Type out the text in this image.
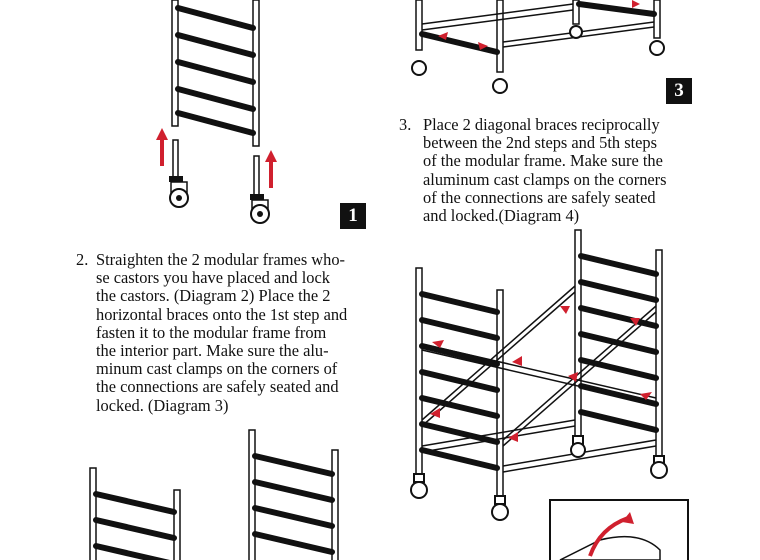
1
3
3. Place 2 diagonal braces reciprocally
between the 2nd steps and 5th steps
of the modular frame. Make sure the
aluminum cast clamps on the corners
of the connections are safely seated
and locked.(Diagram 4)
2. Straighten the 2 modular frames who-
se castors you have placed and lock
the castors. (Diagram 2) Place the 2
horizontal braces onto the 1st step and
fasten it to the modular frame from
the interior part. Make sure the alu-
minum cast clamps on the corners of
the connections are safely seated and
locked. (Diagram 3)
